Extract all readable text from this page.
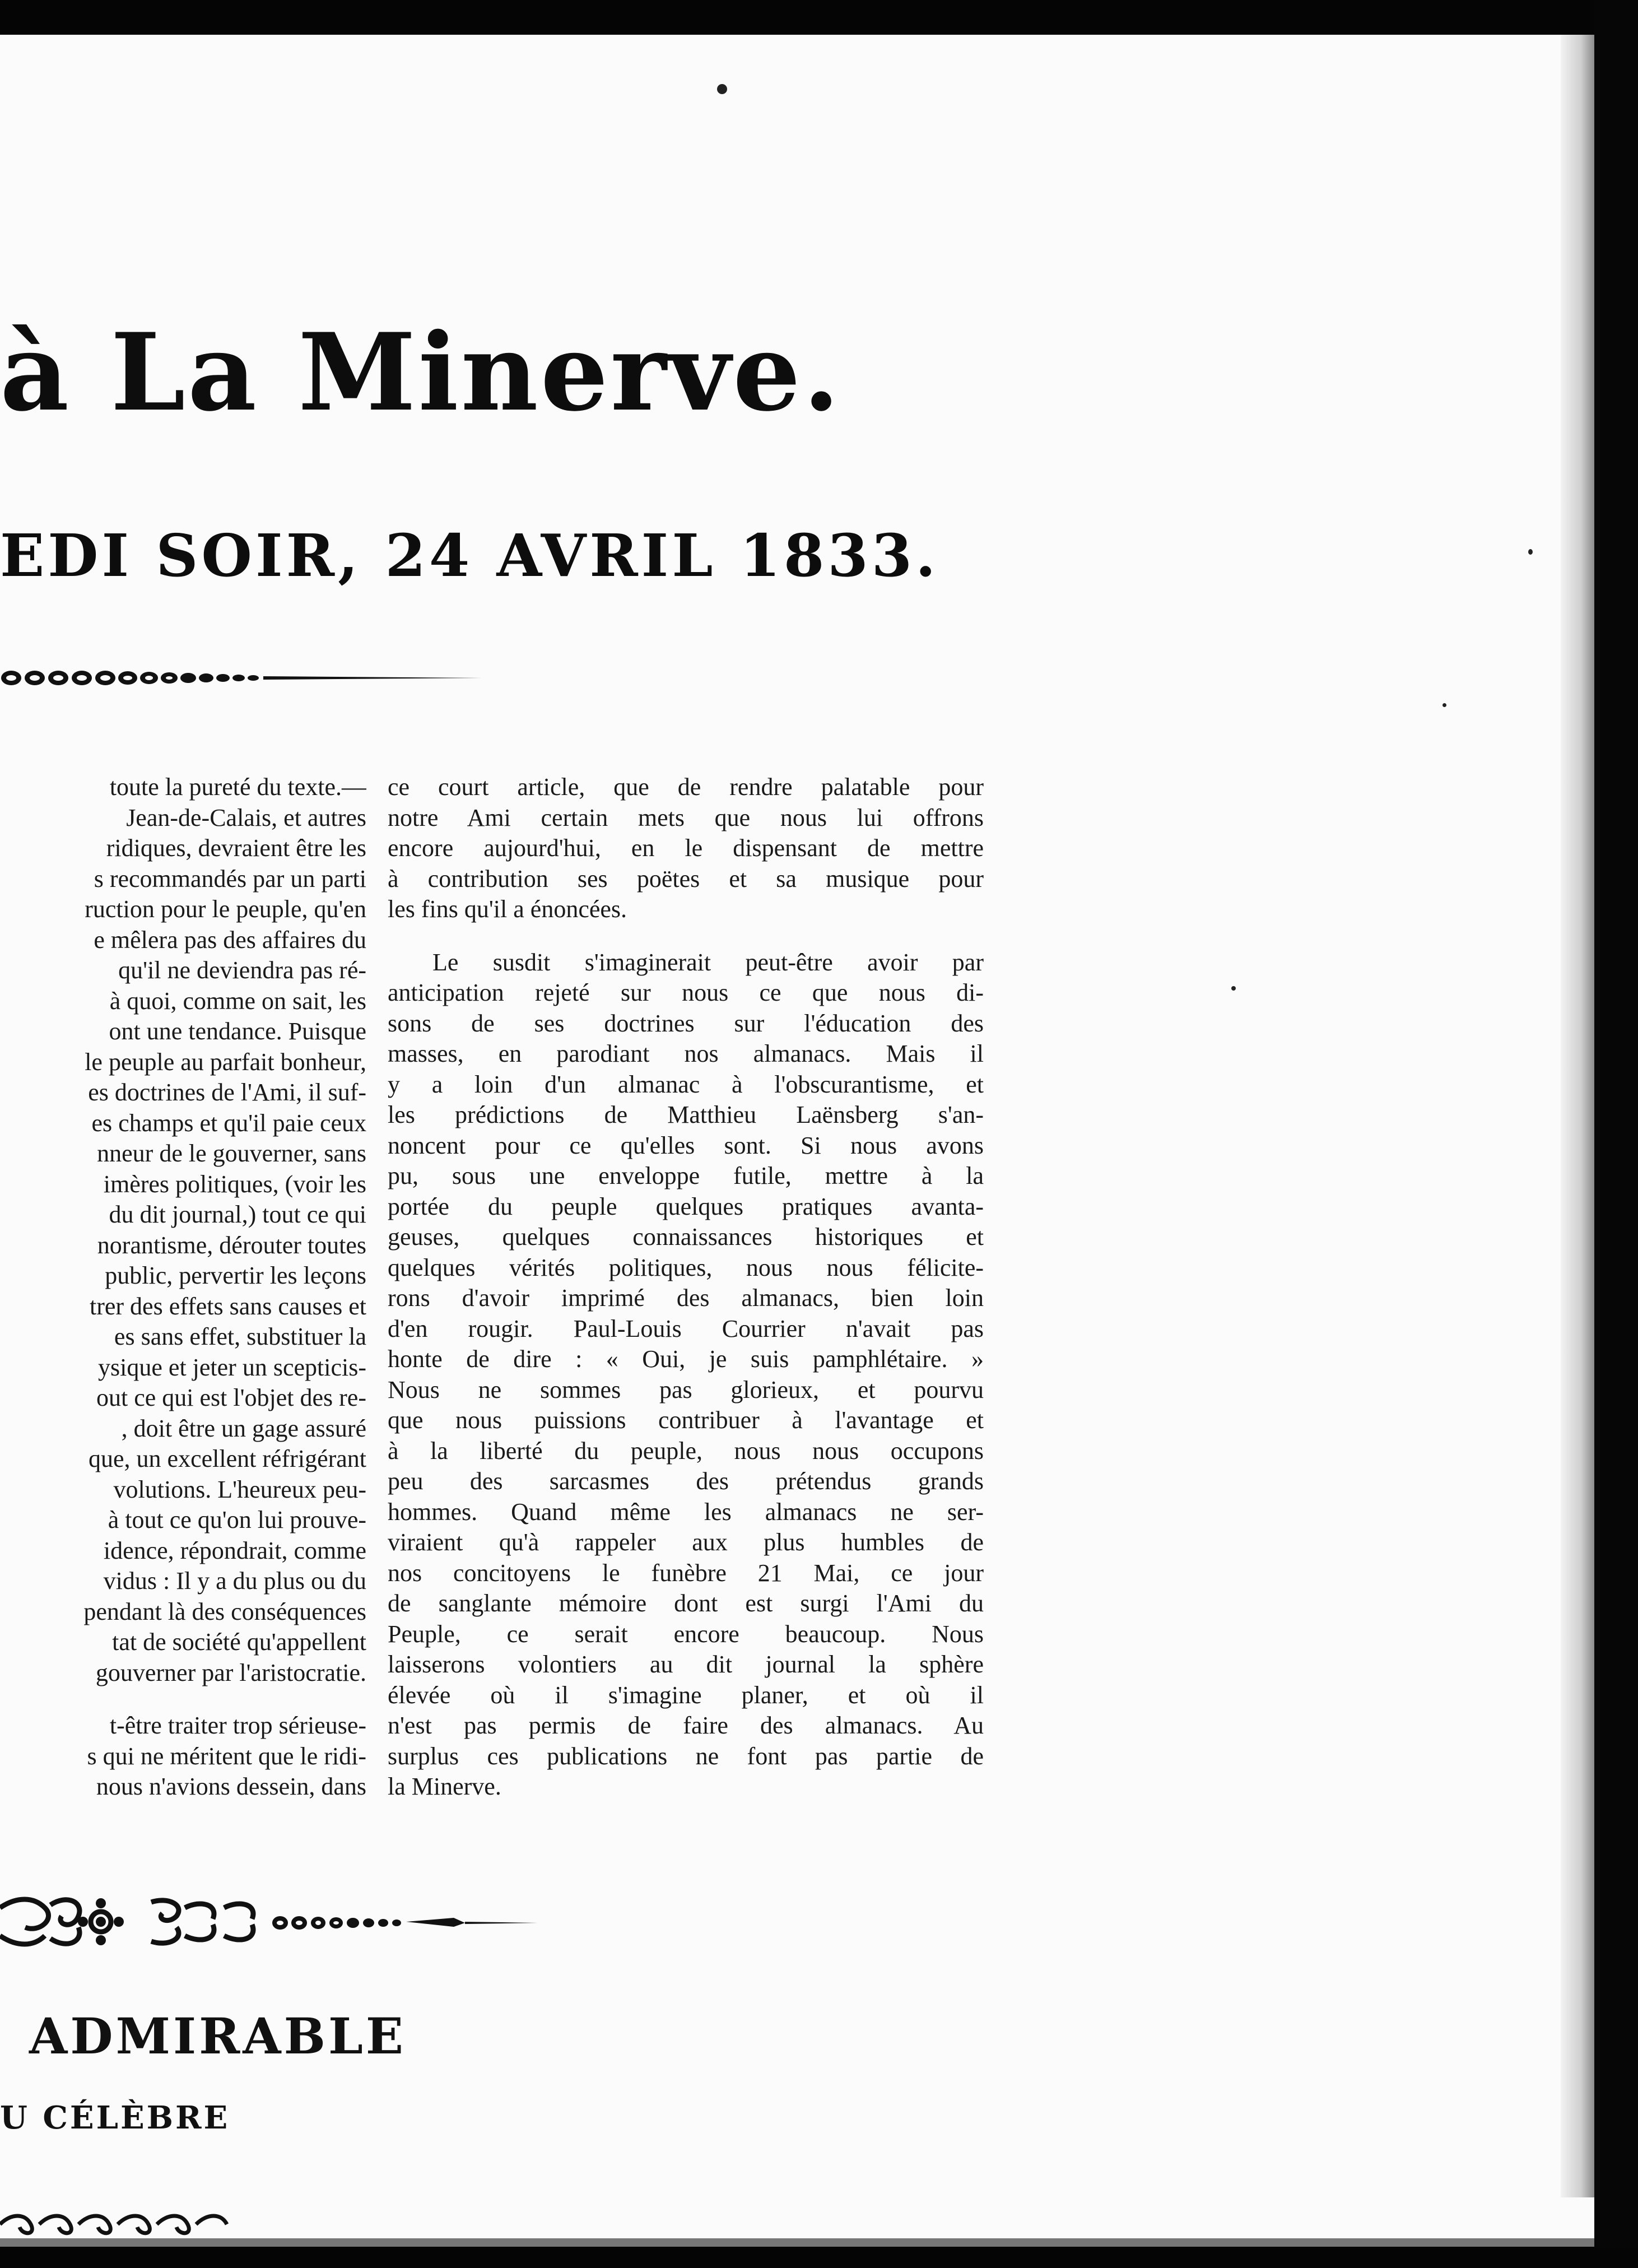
à La Minerve.
EDI SOIR, 24 AVRIL 1833.
toute la pureté du texte.—
Jean-de-Calais, et autres
ridiques, devraient être les
s recommandés par un parti
ruction pour le peuple, qu'en
e mêlera pas des affaires du
qu'il ne deviendra pas ré-
à quoi, comme on sait, les
ont une tendance. Puisque
le peuple au parfait bonheur,
es doctrines de l'Ami, il suf-
es champs et qu'il paie ceux
nneur de le gouverner, sans
imères politiques, (voir les
du dit journal,) tout ce qui
norantisme, dérouter toutes
public, pervertir les leçons
trer des effets sans causes et
es sans effet, substituer la
ysique et jeter un scepticis-
out ce qui est l'objet des re-
, doit être un gage assuré
que, un excellent réfrigérant
volutions. L'heureux peu-
à tout ce qu'on lui prouve-
idence, répondrait, comme
vidus : Il y a du plus ou du
pendant là des conséquences
tat de société qu'appellent
gouverner par l'aristocratie.
t-être traiter trop sérieuse-
s qui ne méritent que le ridi-
nous n'avions dessein, dans
ce court article, que de rendre palatable pour
notre Ami certain mets que nous lui offrons
encore aujourd'hui, en le dispensant de mettre
à contribution ses poëtes et sa musique pour
les fins qu'il a énoncées.
Le susdit s'imaginerait peut-être avoir par
anticipation rejeté sur nous ce que nous di-
sons de ses doctrines sur l'éducation des
masses, en parodiant nos almanacs. Mais il
y a loin d'un almanac à l'obscurantisme, et
les prédictions de Matthieu Laënsberg s'an-
noncent pour ce qu'elles sont. Si nous avons
pu, sous une enveloppe futile, mettre à la
portée du peuple quelques pratiques avanta-
geuses, quelques connaissances historiques et
quelques vérités politiques, nous nous félicite-
rons d'avoir imprimé des almanacs, bien loin
d'en rougir. Paul-Louis Courrier n'avait pas
honte de dire : « Oui, je suis pamphlétaire. »
Nous ne sommes pas glorieux, et pourvu
que nous puissions contribuer à l'avantage et
à la liberté du peuple, nous nous occupons
peu des sarcasmes des prétendus grands
hommes. Quand même les almanacs ne ser-
viraient qu'à rappeler aux plus humbles de
nos concitoyens le funèbre 21 Mai, ce jour
de sanglante mémoire dont est surgi l'Ami du
Peuple, ce serait encore beaucoup. Nous
laisserons volontiers au dit journal la sphère
élevée où il s'imagine planer, et où il
n'est pas permis de faire des almanacs. Au
surplus ces publications ne font pas partie de
la Minerve.
ADMIRABLE
U CÉLÈBRE
